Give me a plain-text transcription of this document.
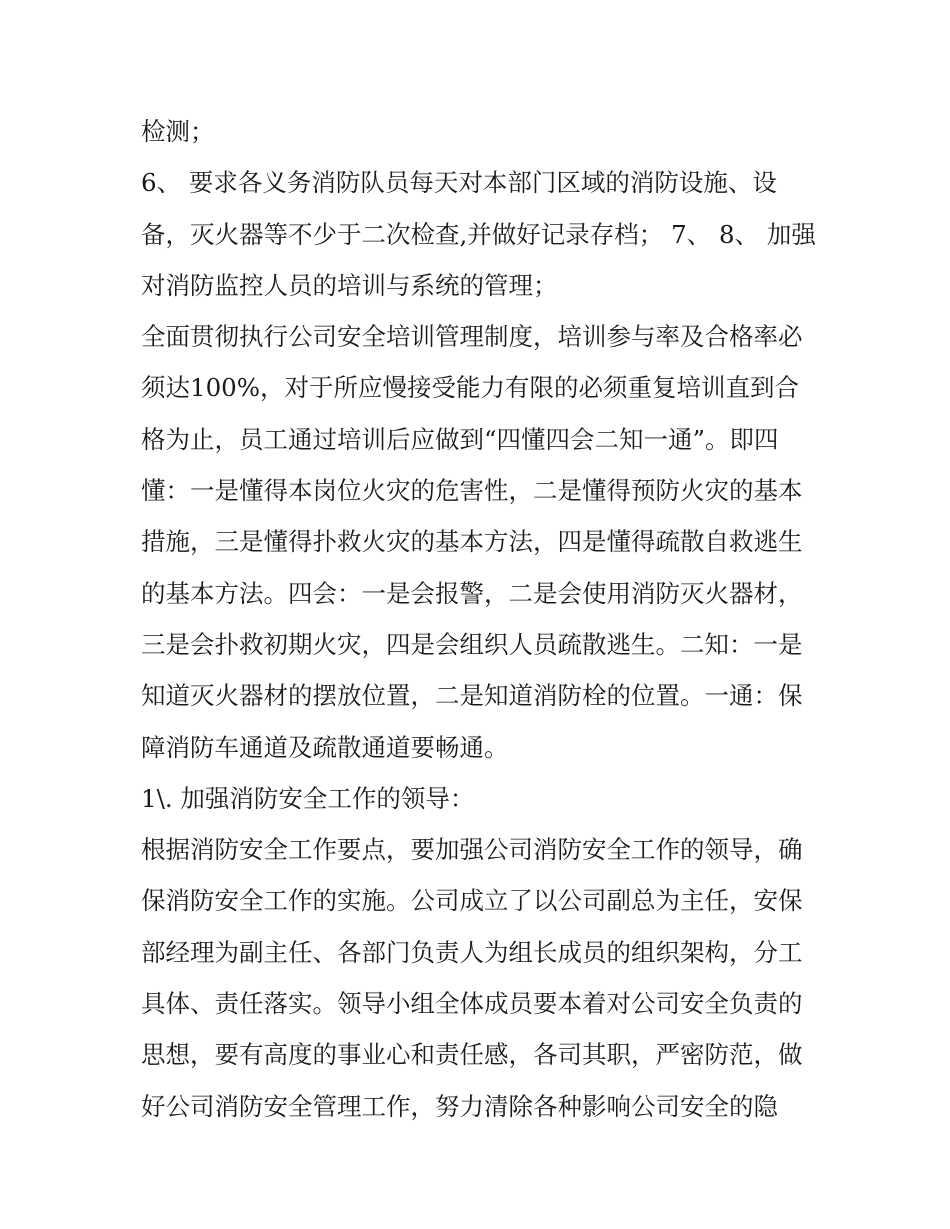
检测；
6、 要求各义务消防队员每天对本部门区域的消防设施、设
备，灭火器等不少于二次检查,并做好记录存档； 7、 8、 加强
对消防监控人员的培训与系统的管理；
全面贯彻执行公司安全培训管理制度，培训参与率及合格率必
须达100%，对于所应慢接受能力有限的必须重复培训直到合
格为止，员工通过培训后应做到“四懂四会二知一通”。即四
懂：一是懂得本岗位火灾的危害性，二是懂得预防火灾的基本
措施，三是懂得扑救火灾的基本方法，四是懂得疏散自救逃生
的基本方法。四会：一是会报警，二是会使用消防灭火器材，
三是会扑救初期火灾，四是会组织人员疏散逃生。二知：一是
知道灭火器材的摆放位置，二是知道消防栓的位置。一通：保
障消防车通道及疏散通道要畅通。
1\. 加强消防安全工作的领导：
根据消防安全工作要点，要加强公司消防安全工作的领导，确
保消防安全工作的实施。公司成立了以公司副总为主任，安保
部经理为副主任、各部门负责人为组长成员的组织架构，分工
具体、责任落实。领导小组全体成员要本着对公司安全负责的
思想，要有高度的事业心和责任感，各司其职，严密防范，做
好公司消防安全管理工作，努力清除各种影响公司安全的隐
